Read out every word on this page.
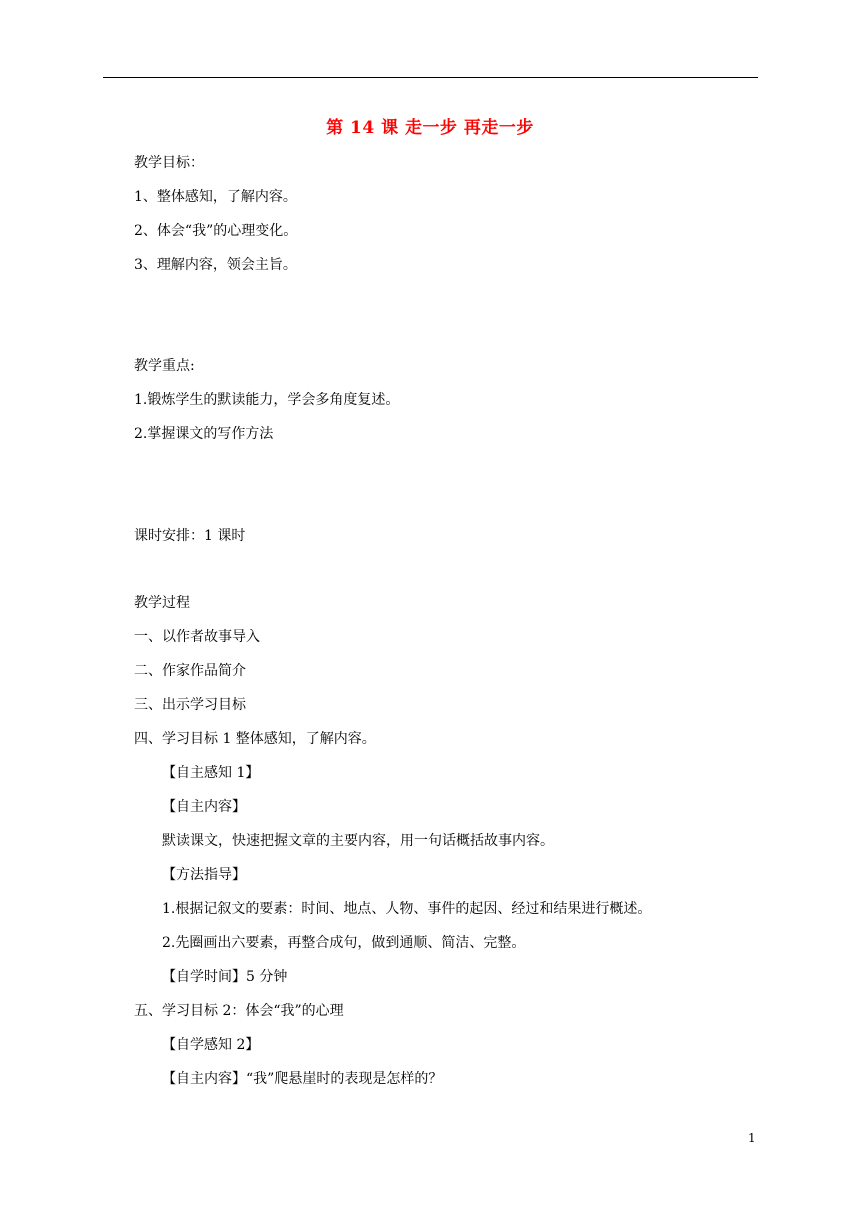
第 14 课 走一步 再走一步
教学目标：
1、整体感知，了解内容。
2、体会“我”的心理变化。
3、理解内容，领会主旨。
教学重点:
1.锻炼学生的默读能力，学会多角度复述。
2.掌握课文的写作方法
课时安排：1 课时
教学过程
一、以作者故事导入
二、作家作品简介
三、出示学习目标
四、学习目标 1 整体感知，了解内容。
【自主感知 1】
【自主内容】
默读课文，快速把握文章的主要内容，用一句话概括故事内容。
【方法指导】
1.根据记叙文的要素：时间、地点、人物、事件的起因、经过和结果进行概述。
2.先圈画出六要素，再整合成句，做到通顺、简洁、完整。
【自学时间】5 分钟
五、学习目标 2：体会“我”的心理
【自学感知 2】
【自主内容】“我”爬悬崖时的表现是怎样的？
1
